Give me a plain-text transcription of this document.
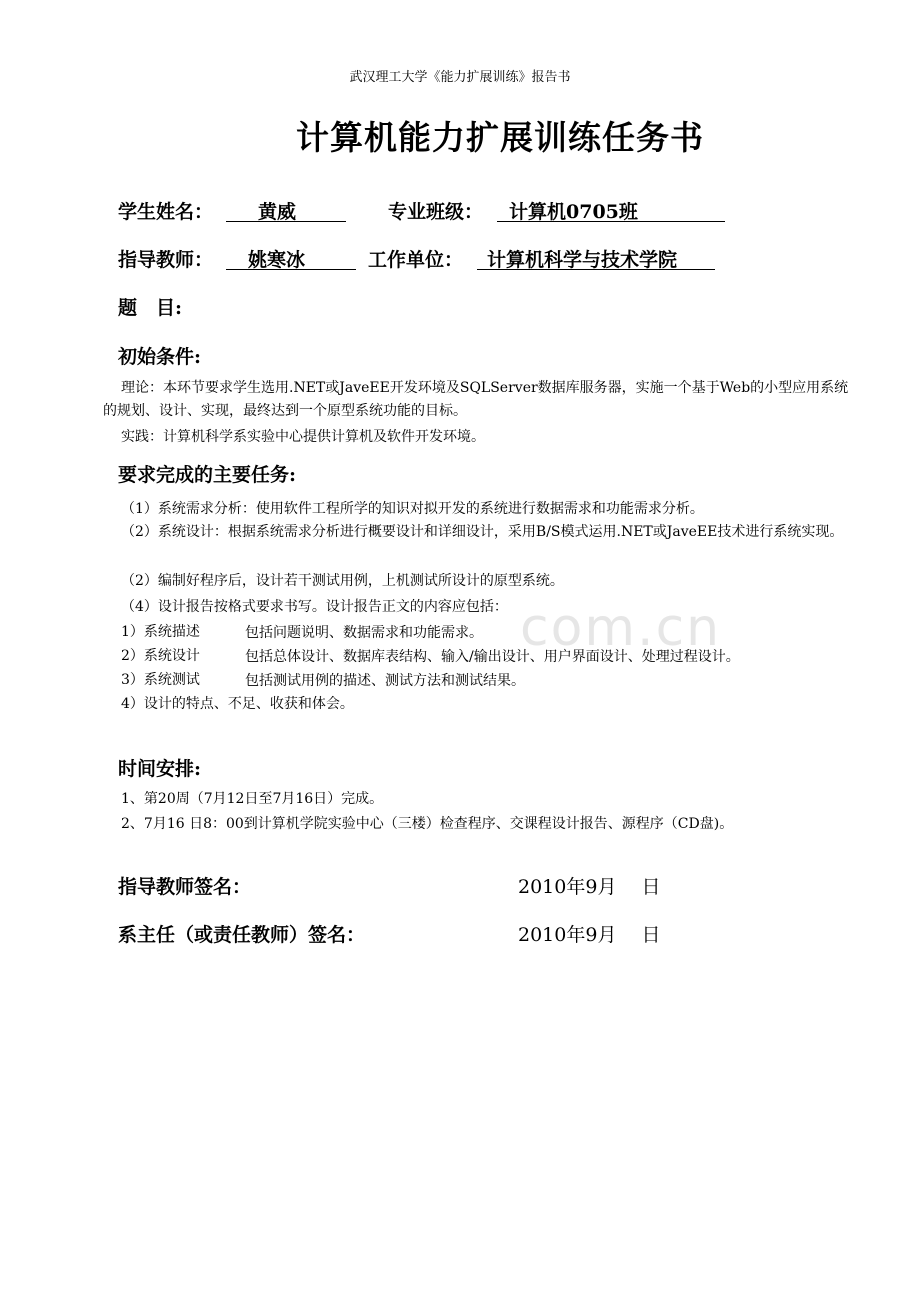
com.cn
武汉理工大学《能力扩展训练》报告书
计算机能力扩展训练任务书
学生姓名： 黄威	专业班级： 计算机0705班
指导教师： 姚寒冰	工作单位： 计算机科学与技术学院
题　目:
初始条件:
理论：本环节要求学生选用.NET或JaveEE开发环境及SQLServer数据库服务器，实施一个基于Web的小型应用系统的规划、设计、实现，最终达到一个原型系统功能的目标。
实践：计算机科学系实验中心提供计算机及软件开发环境。
要求完成的主要任务:
（1）系统需求分析：使用软件工程所学的知识对拟开发的系统进行数据需求和功能需求分析。
（2）系统设计：根据系统需求分析进行概要设计和详细设计，采用B/S模式运用.NET或JaveEE技术进行系统实现。
（2）编制好程序后，设计若干测试用例，上机测试所设计的原型系统。
（4）设计报告按格式要求书写。设计报告正文的内容应包括：
1）系统描述	包括问题说明、数据需求和功能需求。
2）系统设计	包括总体设计、数据库表结构、输入/输出设计、用户界面设计、处理过程设计。
3）系统测试	包括测试用例的描述、测试方法和测试结果。
4）设计的特点、不足、收获和体会。
时间安排:
1、第20周（7月12日至7月16日）完成。
2、7月16 日8：00到计算机学院实验中心（三楼）检查程序、交课程设计报告、源程序（CD盘)。
指导教师签名：	2010年9月　 日
系主任（或责任教师）签名：	2010年9月　 日
